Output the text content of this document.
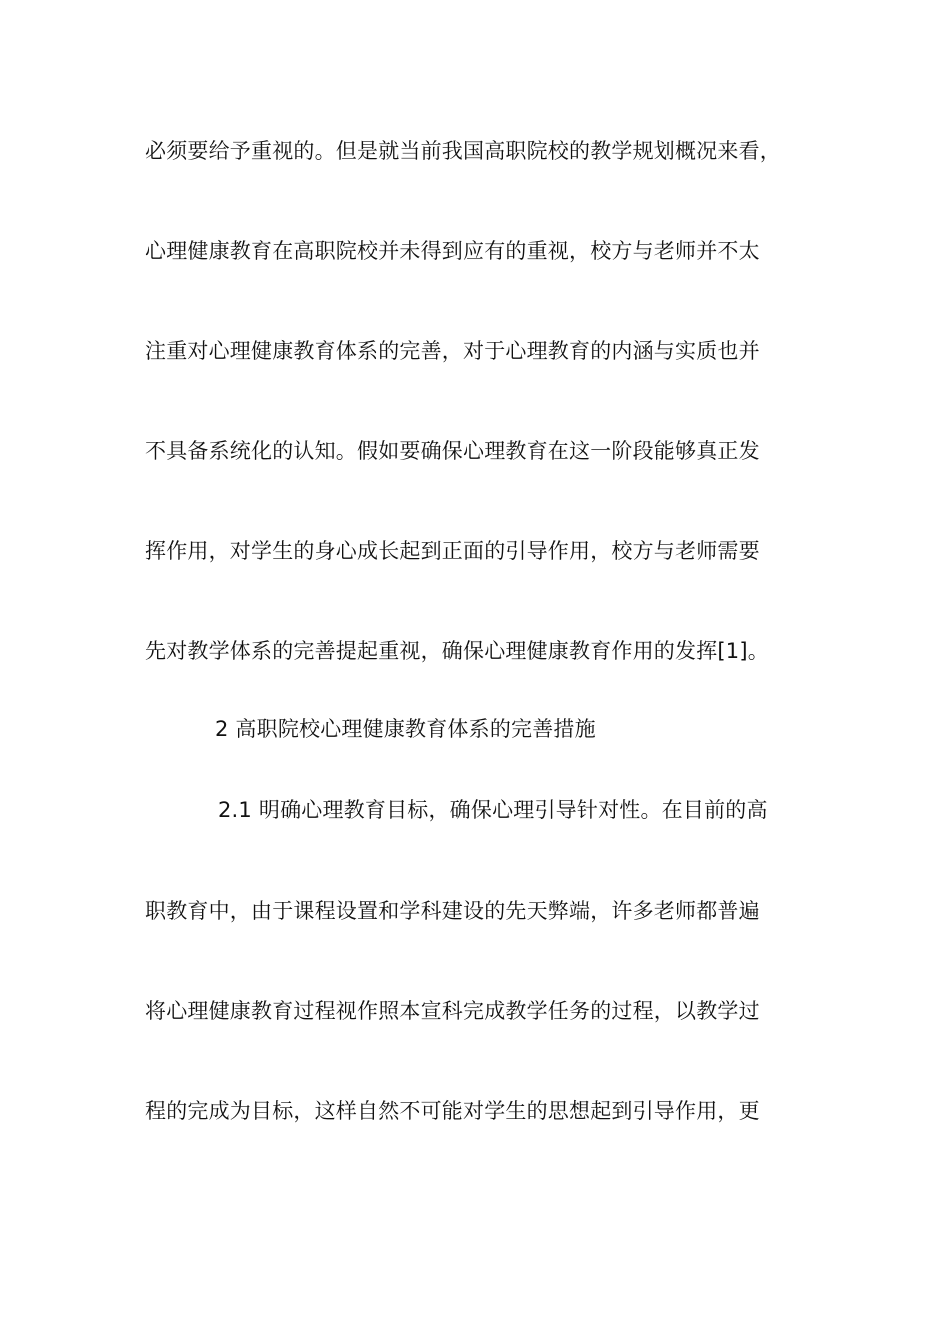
必须要给予重视的。但是就当前我国高职院校的教学规划概况来看，
心理健康教育在高职院校并未得到应有的重视，校方与老师并不太
注重对心理健康教育体系的完善，对于心理教育的内涵与实质也并
不具备系统化的认知。假如要确保心理教育在这一阶段能够真正发
挥作用，对学生的身心成长起到正面的引导作用，校方与老师需要
先对教学体系的完善提起重视，确保心理健康教育作用的发挥[1]。
2 高职院校心理健康教育体系的完善措施
2.1 明确心理教育目标，确保心理引导针对性。在目前的高
职教育中，由于课程设置和学科建设的先天弊端，许多老师都普遍
将心理健康教育过程视作照本宣科完成教学任务的过程，以教学过
程的完成为目标，这样自然不可能对学生的思想起到引导作用，更
